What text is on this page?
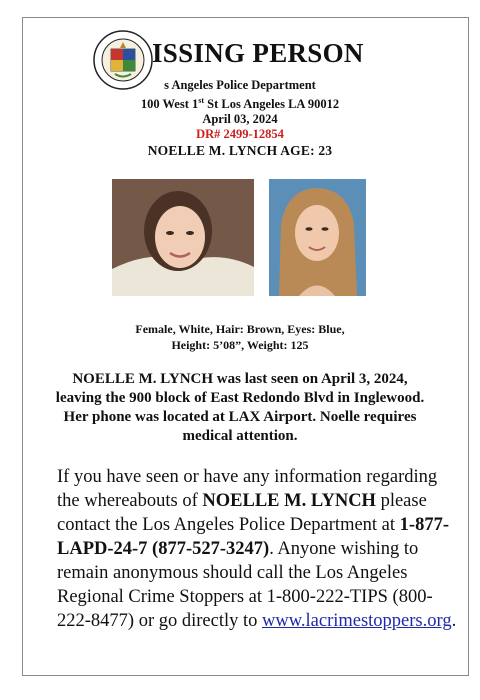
ISSING PERSON
s Angeles Police Department
100 West 1st St Los Angeles LA 90012
April 03, 2024
DR# 2499-12854
NOELLE M. LYNCH AGE: 23
Female, White, Hair: Brown, Eyes: Blue,
Height: 5’08”, Weight: 125
NOELLE M. LYNCH was last seen on April 3, 2024, leaving the 900 block of East Redondo Blvd in Inglewood. Her phone was located at LAX Airport. Noelle requires medical attention.
If you have seen or have any information regarding the whereabouts of NOELLE M. LYNCH please contact the Los Angeles Police Department at 1-877-LAPD-24-7 (877-527-3247). Anyone wishing to remain anonymous should call the Los Angeles Regional Crime Stoppers at 1-800-222-TIPS (800-222-8477) or go directly to www.lacrimestoppers.org.
